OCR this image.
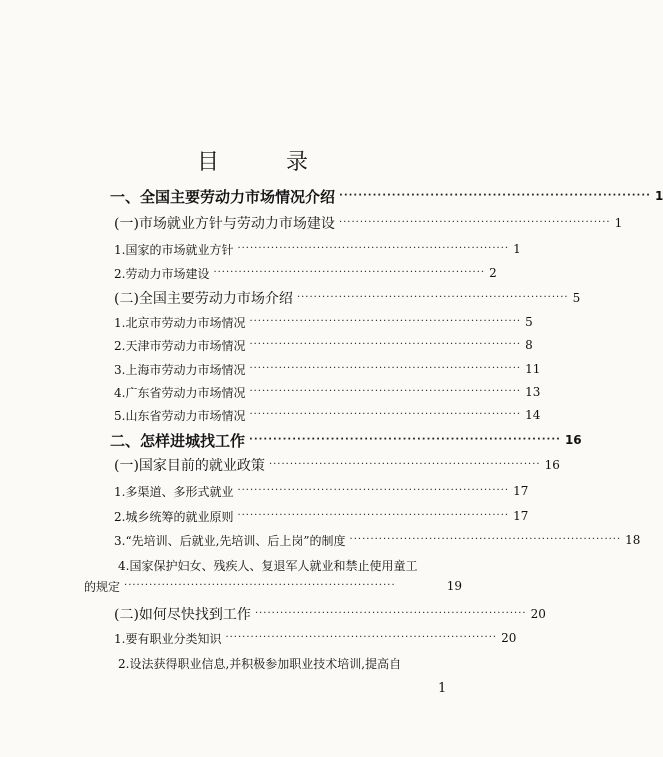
目 录
一、全国主要劳动力市场情况介绍 ································································· 1
(一)市场就业方针与劳动力市场建设 ································································· 1
1.国家的市场就业方针 ································································· 1
2.劳动力市场建设 ································································· 2
(二)全国主要劳动力市场介绍 ································································· 5
1.北京市劳动力市场情况 ································································· 5
2.天津市劳动力市场情况 ································································· 8
3.上海市劳动力市场情况 ································································· 11
4.广东省劳动力市场情况 ································································· 13
5.山东省劳动力市场情况 ································································· 14
二、怎样进城找工作 ································································· 16
(一)国家目前的就业政策 ································································· 16
1.多渠道、多形式就业 ································································· 17
2.城乡统筹的就业原则 ································································· 17
3.“先培训、后就业,先培训、后上岗”的制度 ································································· 18
4.国家保护妇女、残疾人、复退军人就业和禁止使用童工
的规定 ·································································	19
(二)如何尽快找到工作 ································································· 20
1.要有职业分类知识 ································································· 20
2.设法获得职业信息,并积极参加职业技术培训,提高自
1
